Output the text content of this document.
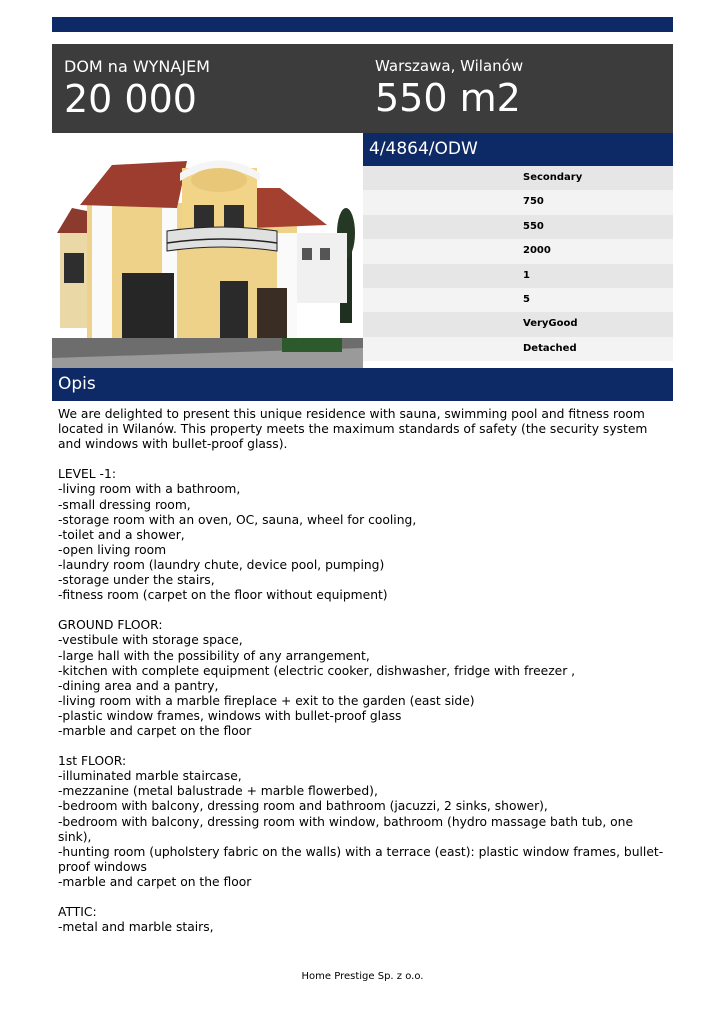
DOM na WYNAJEM
20 000
Warszawa, Wilanów
550 m2
4/4864/ODW
Secondary
750
550
2000
1
5
VeryGood
Detached
Opis
We are delighted to present this unique residence with sauna, swimming pool and fitness room located in Wilanów. This property meets the maximum standards of safety (the security system and windows with bullet-proof glass).

LEVEL -1:
-living room with a bathroom,
-small dressing room,
-storage room with an oven, OC, sauna, wheel for cooling,
-toilet and a shower,
-open living room
-laundry room (laundry chute, device pool, pumping)
-storage under the stairs,
-fitness room (carpet on the floor without equipment)

GROUND FLOOR:
-vestibule with storage space,
-large hall with the possibility of any arrangement,
-kitchen with complete equipment (electric cooker, dishwasher, fridge with freezer ,
-dining area and a pantry,
-living room with a marble fireplace + exit to the garden (east side)
-plastic window frames, windows with bullet-proof glass
-marble and carpet on the floor

1st FLOOR:
-illuminated marble staircase,
-mezzanine (metal balustrade + marble flowerbed),
-bedroom with balcony, dressing room and bathroom (jacuzzi, 2 sinks, shower),
-bedroom with balcony, dressing room with window, bathroom (hydro massage bath tub, one sink),
-hunting room (upholstery fabric on the walls) with a terrace (east): plastic window frames, bullet-proof windows
-marble and carpet on the floor

ATTIC:
-metal and marble stairs,
Home Prestige Sp. z o.o.
